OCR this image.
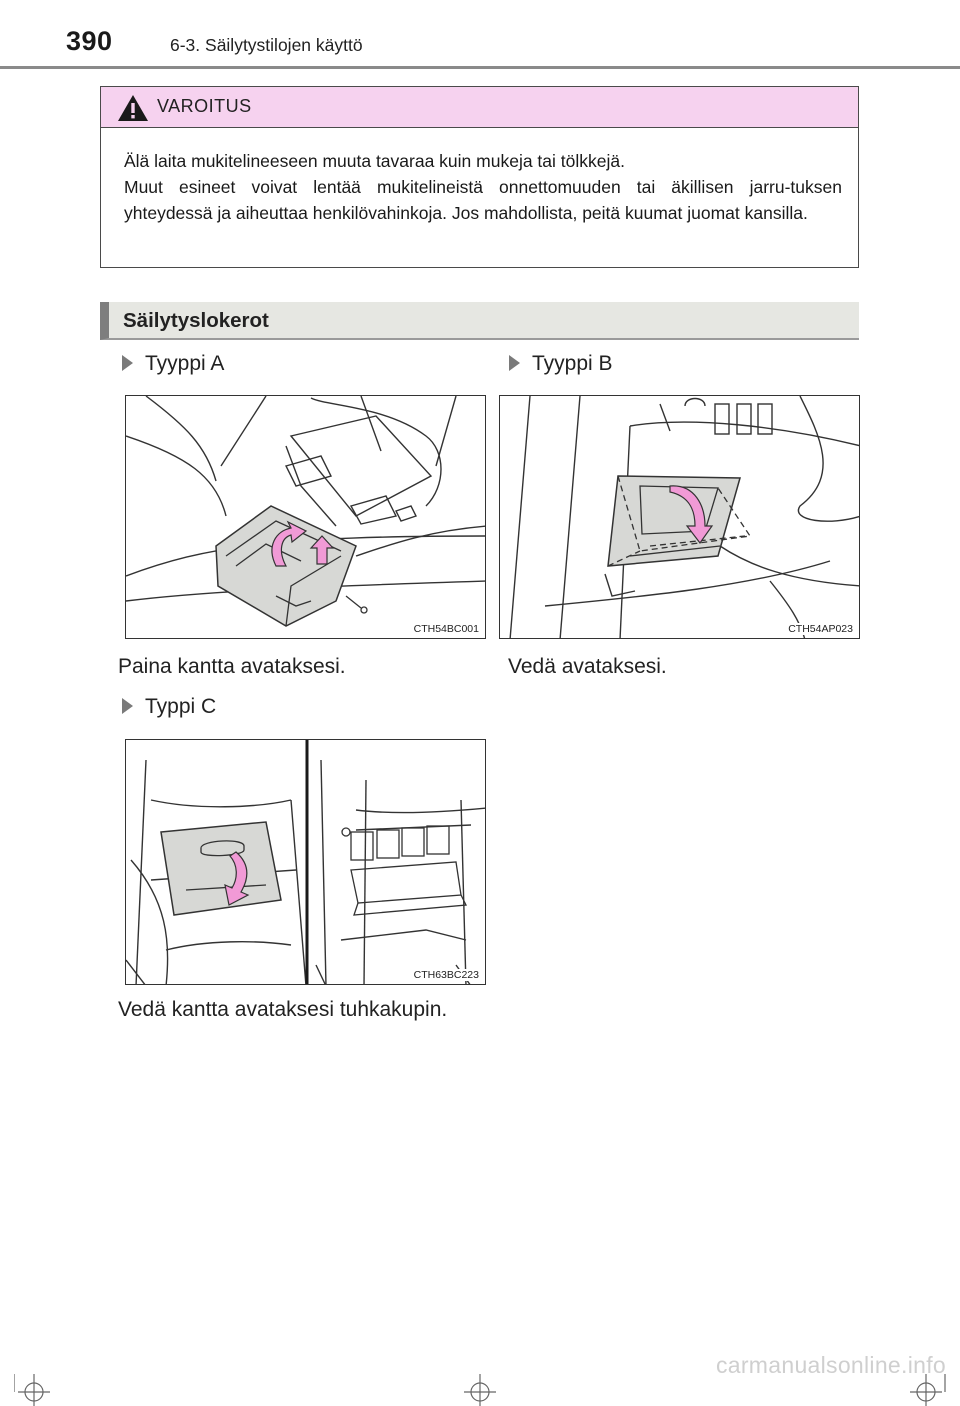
390	6-3. Säilytystilojen käyttö
VAROITUS

Älä laita mukitelineeseen muuta tavaraa kuin mukeja tai tölkkejä.

Muut esineet voivat lentää mukitelineistä onnettomuuden tai äkillisen jarru-tuksen yhteydessä ja aiheuttaa henkilövahinkoja. Jos mahdollista, peitä kuumat juomat kansilla.

Säilytyslokerot
Tyyppi A
CTH54BC001
Paina kantta avataksesi.
Tyyppi B
CTH54AP023
Vedä avataksesi.
Typpi C
CTH63BC223
Vedä kantta avataksesi tuhkakupin.
carmanualsonline.info
